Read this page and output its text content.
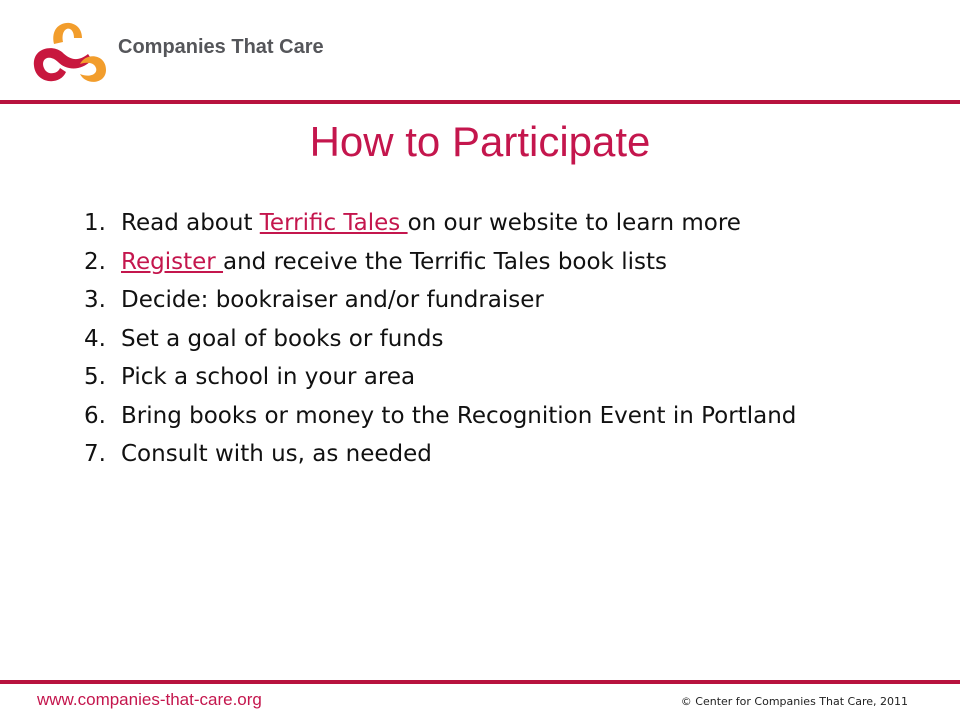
Companies That Care
How to Participate
1. Read about Terrific Tales on our website to learn more
2. Register and receive the Terrific Tales book lists
3. Decide: bookraiser and/or fundraiser
4. Set a goal of books or funds
5. Pick a school in your area
6. Bring books or money to the Recognition Event in Portland
7. Consult with us, as needed
www.companies-that-care.org	© Center for Companies That Care, 2011
